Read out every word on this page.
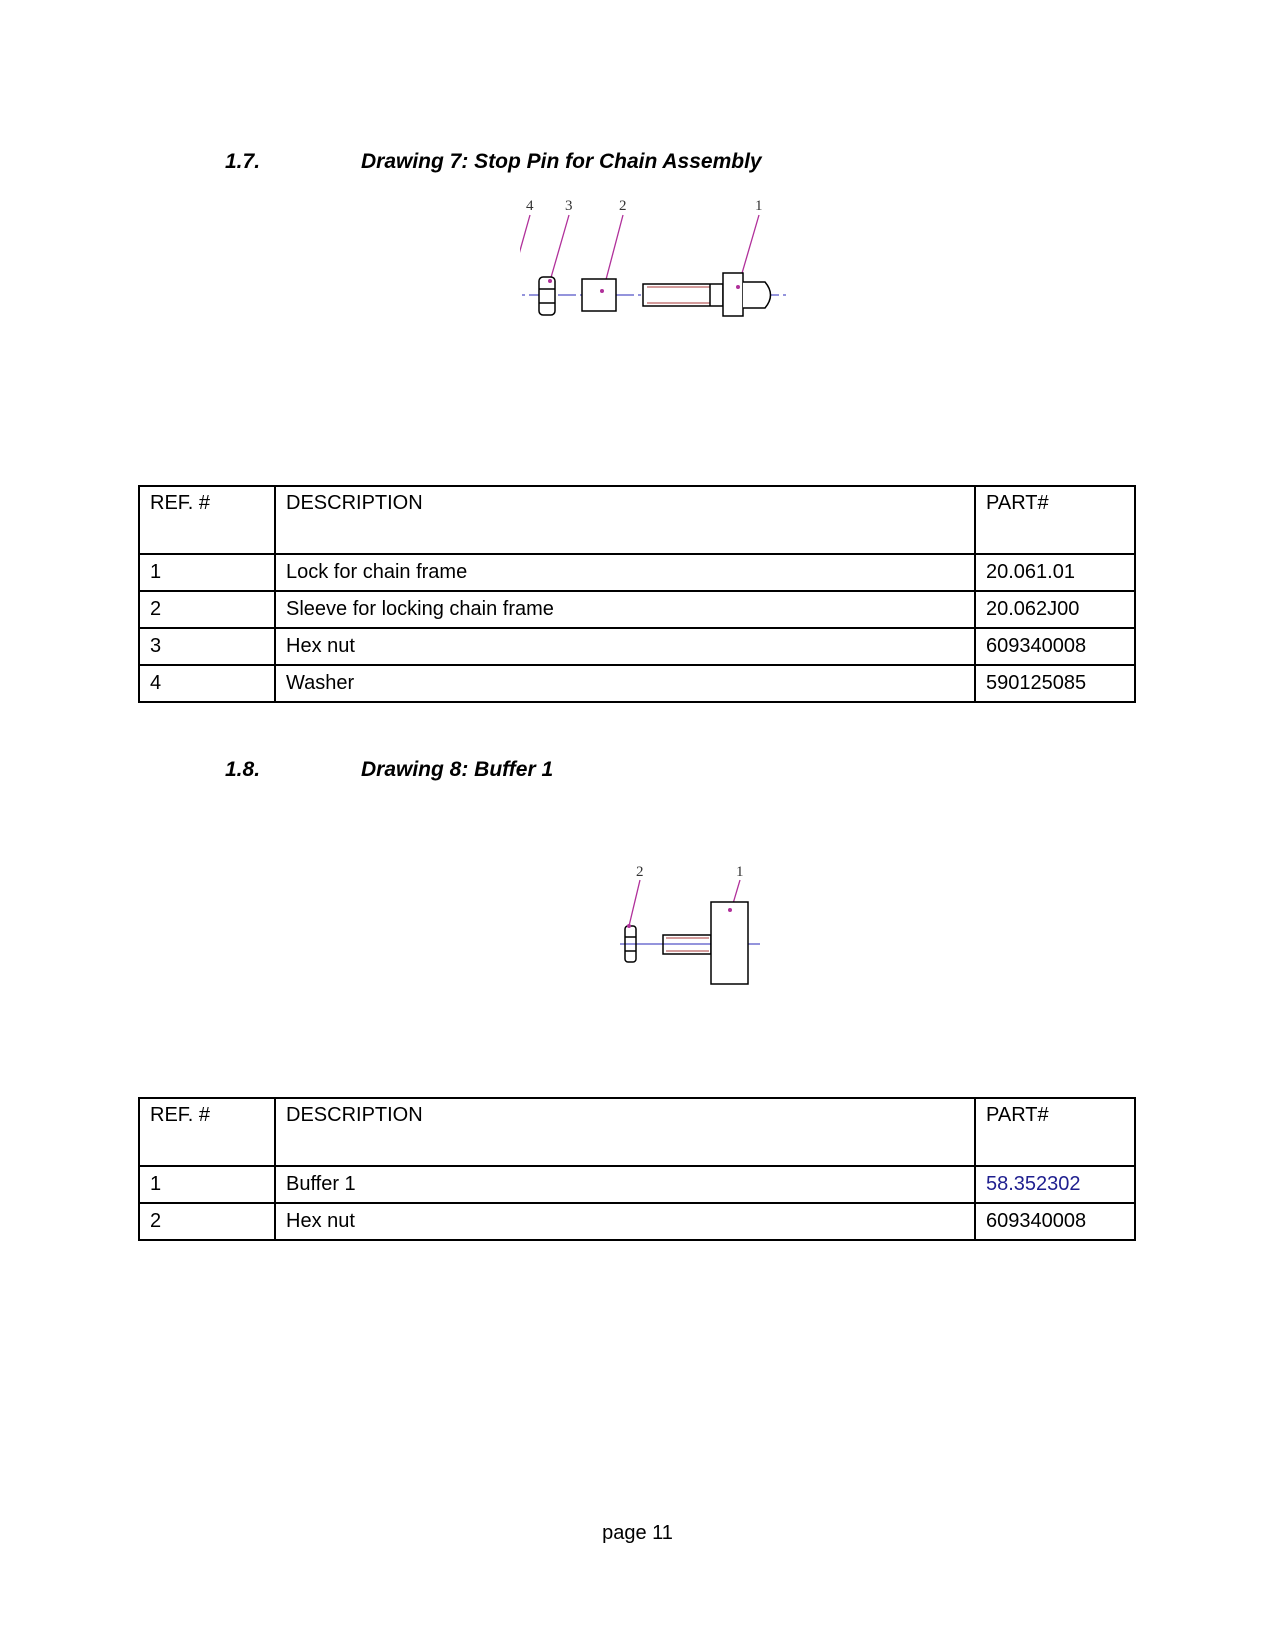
1.7.	Drawing 7: Stop Pin for Chain Assembly
4 3	2	1
REF. #	DESCRIPTION	PART#
1	Lock for chain frame	20.061.01
2	Sleeve for locking chain frame	20.062J00
3	Hex nut	609340008
4	Washer	590125085
1.8.	Drawing 8: Buffer 1
2	1
REF. #	DESCRIPTION	PART#
1	Buffer 1	58.352302
2	Hex nut	609340008
page 11
